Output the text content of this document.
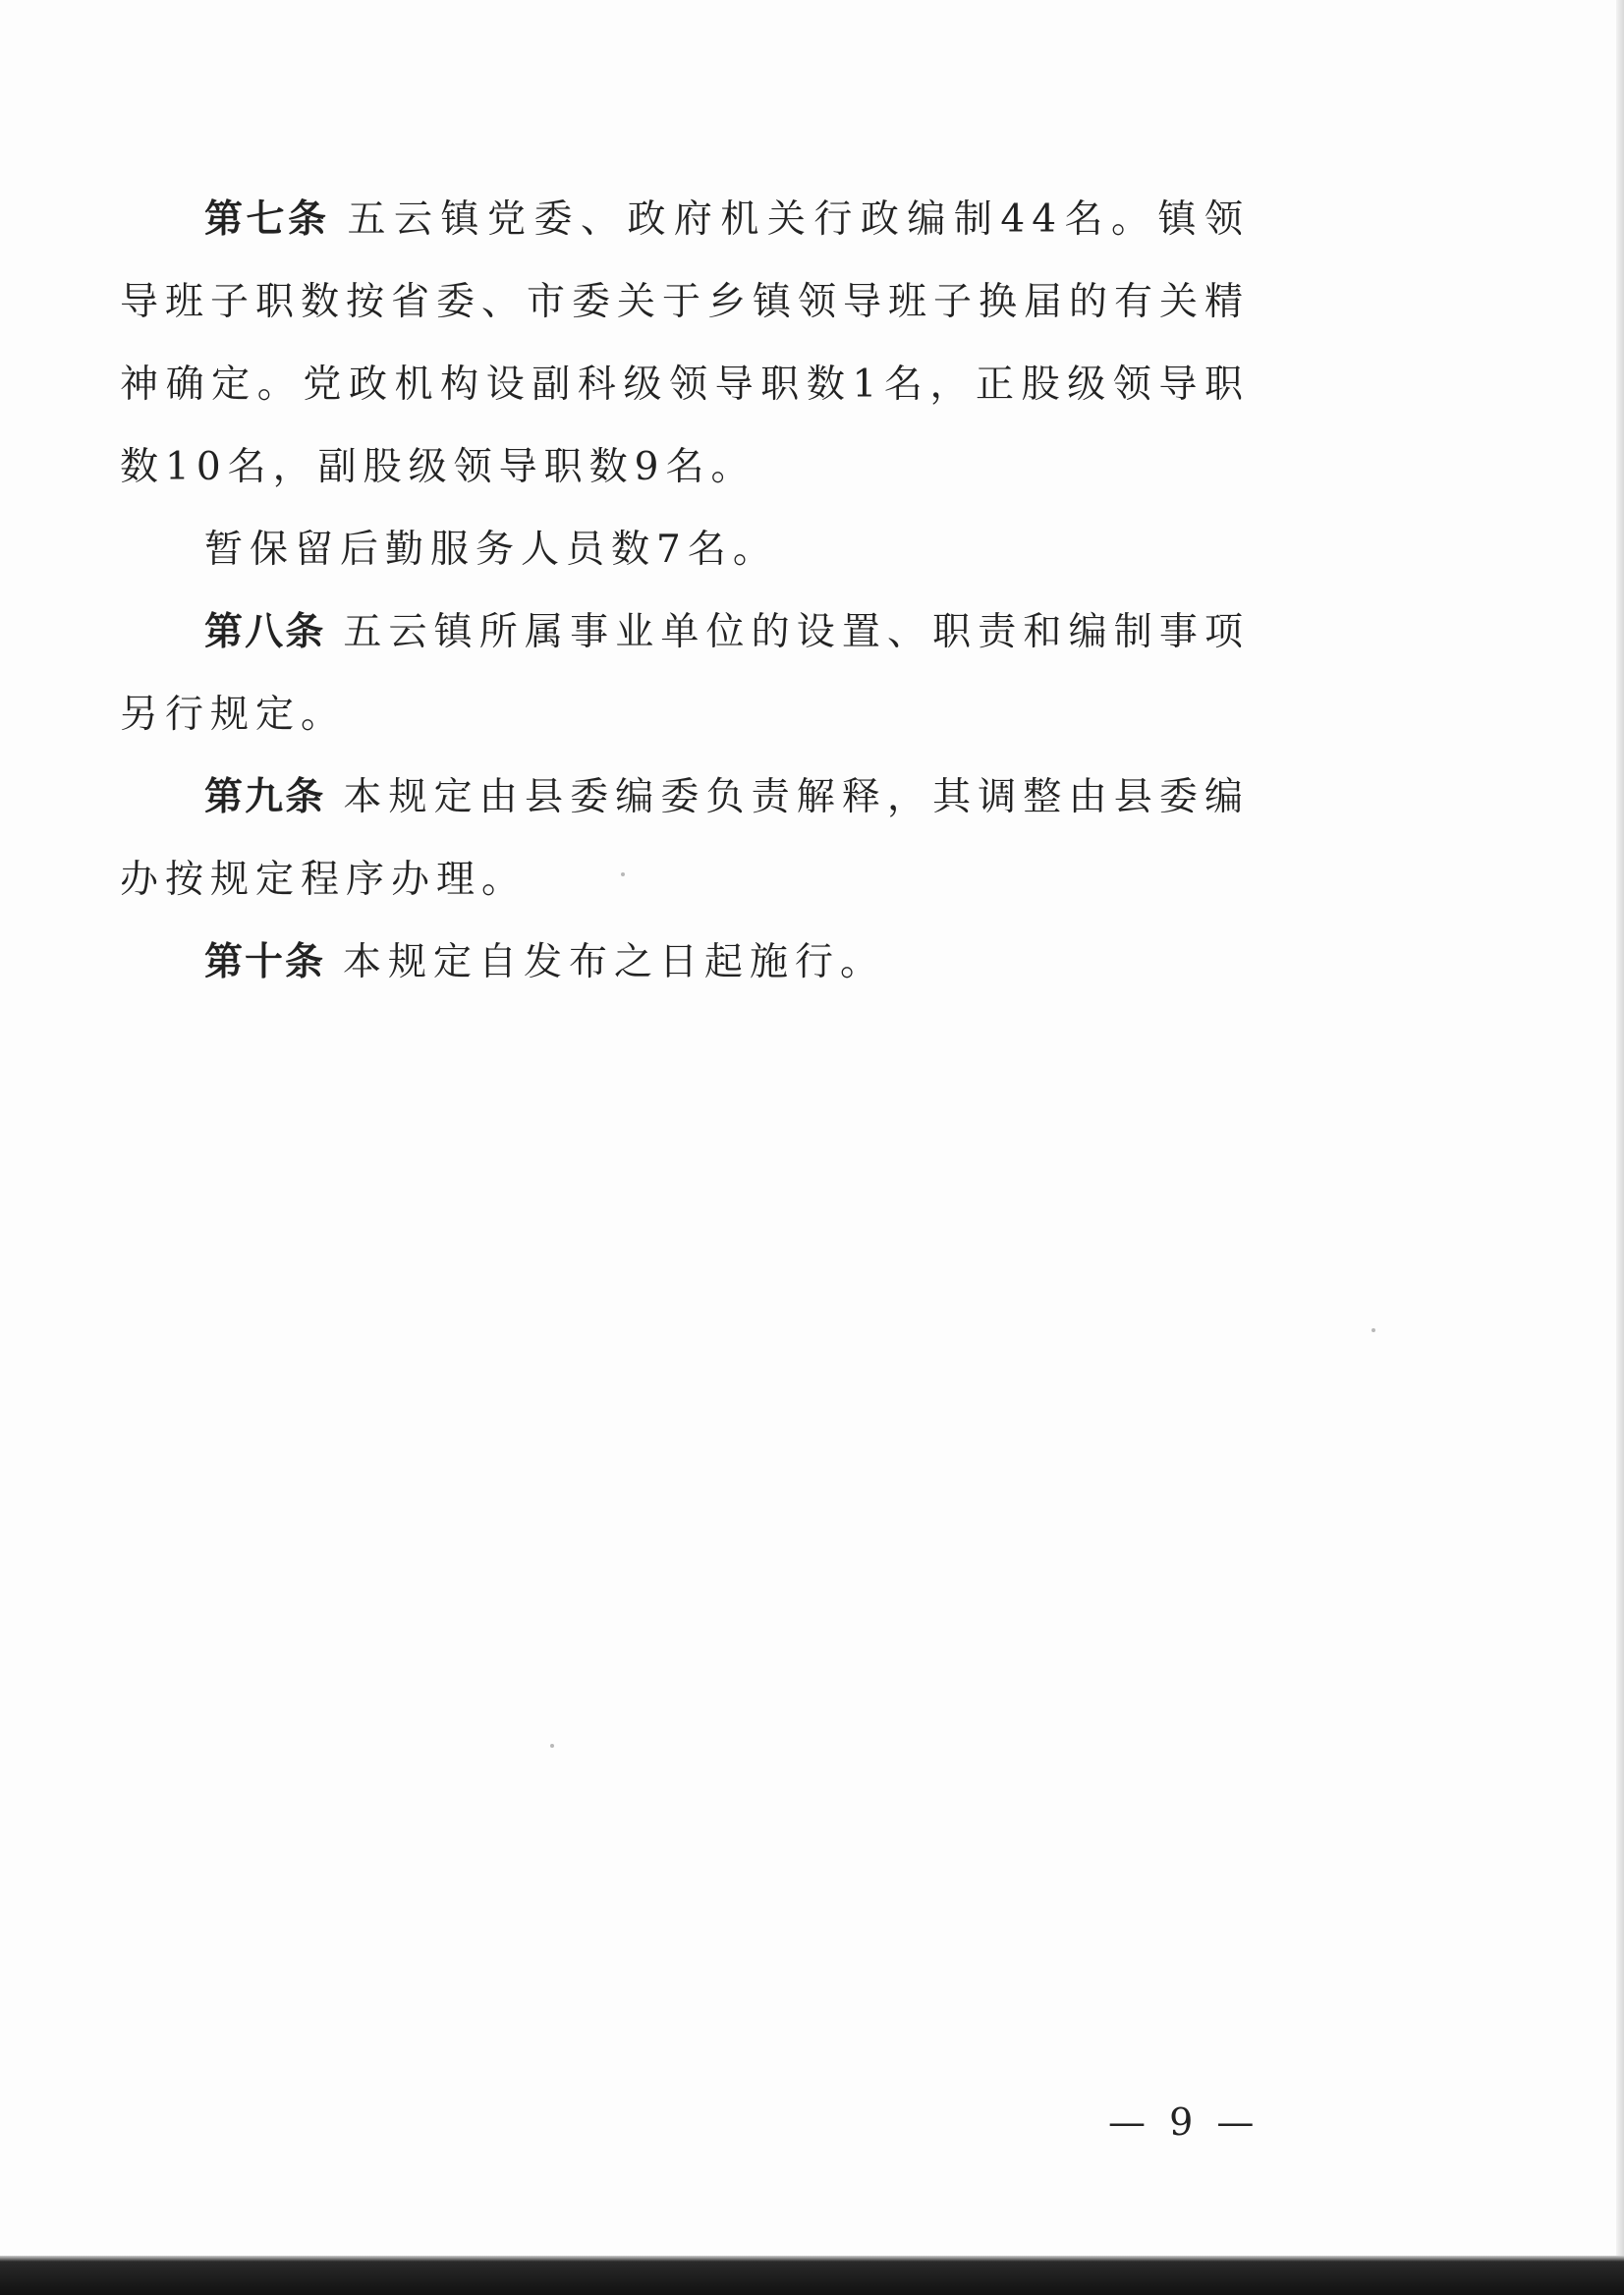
第七条 五云镇党委、政府机关行政编制44名。镇领导班子职数按省委、市委关于乡镇领导班子换届的有关精神确定。党政机构设副科级领导职数1名，正股级领导职数10名，副股级领导职数9名。

暂保留后勤服务人员数7名。

第八条 五云镇所属事业单位的设置、职责和编制事项另行规定。

第九条 本规定由县委编委负责解释，其调整由县委编办按规定程序办理。

第十条 本规定自发布之日起施行。

— 9 —
